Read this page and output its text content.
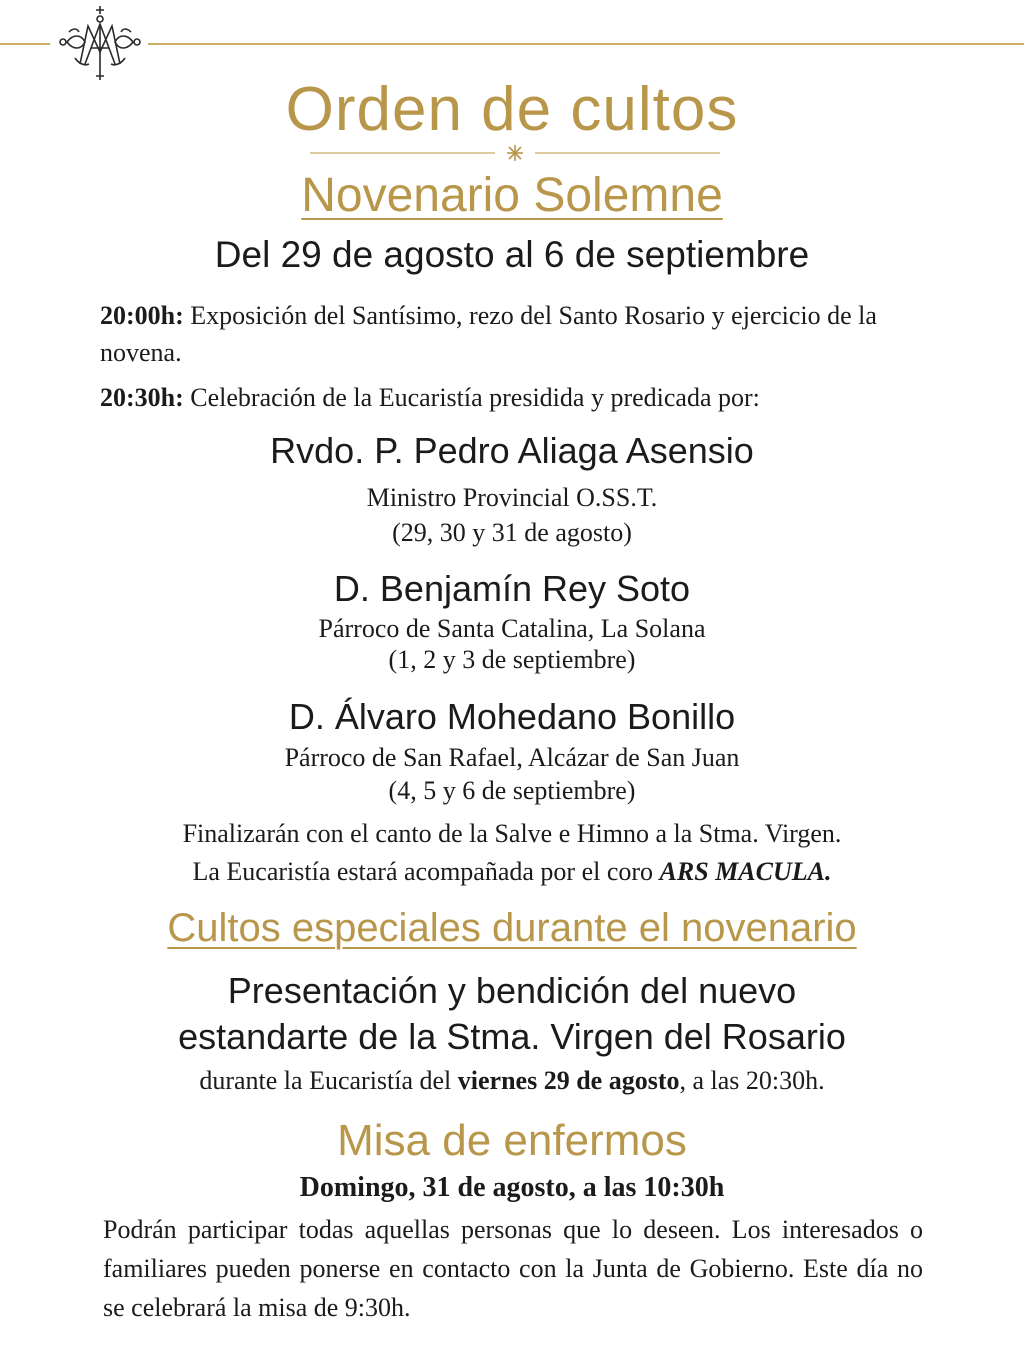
Orden de cultos
Novenario Solemne
Del 29 de agosto al 6 de septiembre
20:00h: Exposición del Santísimo, rezo del Santo Rosario y ejercicio de la novena.
20:30h: Celebración de la Eucaristía presidida y predicada por:
Rvdo. P. Pedro Aliaga Asensio
Ministro Provincial O.SS.T.
(29, 30 y 31 de agosto)
D. Benjamín Rey Soto
Párroco de Santa Catalina, La Solana
(1, 2 y 3 de septiembre)
D. Álvaro Mohedano Bonillo
Párroco de San Rafael, Alcázar de San Juan
(4, 5 y 6 de septiembre)
Finalizarán con el canto de la Salve e Himno a la Stma. Virgen.
La Eucaristía estará acompañada por el coro ARS MACULA.
Cultos especiales durante el novenario
Presentación y bendición del nuevo
estandarte de la Stma. Virgen del Rosario
durante la Eucaristía del viernes 29 de agosto, a las 20:30h.
Misa de enfermos
Domingo, 31 de agosto, a las 10:30h
Podrán participar todas aquellas personas que lo deseen. Los interesados o familiares pueden ponerse en contacto con la Junta de Gobierno. Este día no se celebrará la misa de 9:30h.
